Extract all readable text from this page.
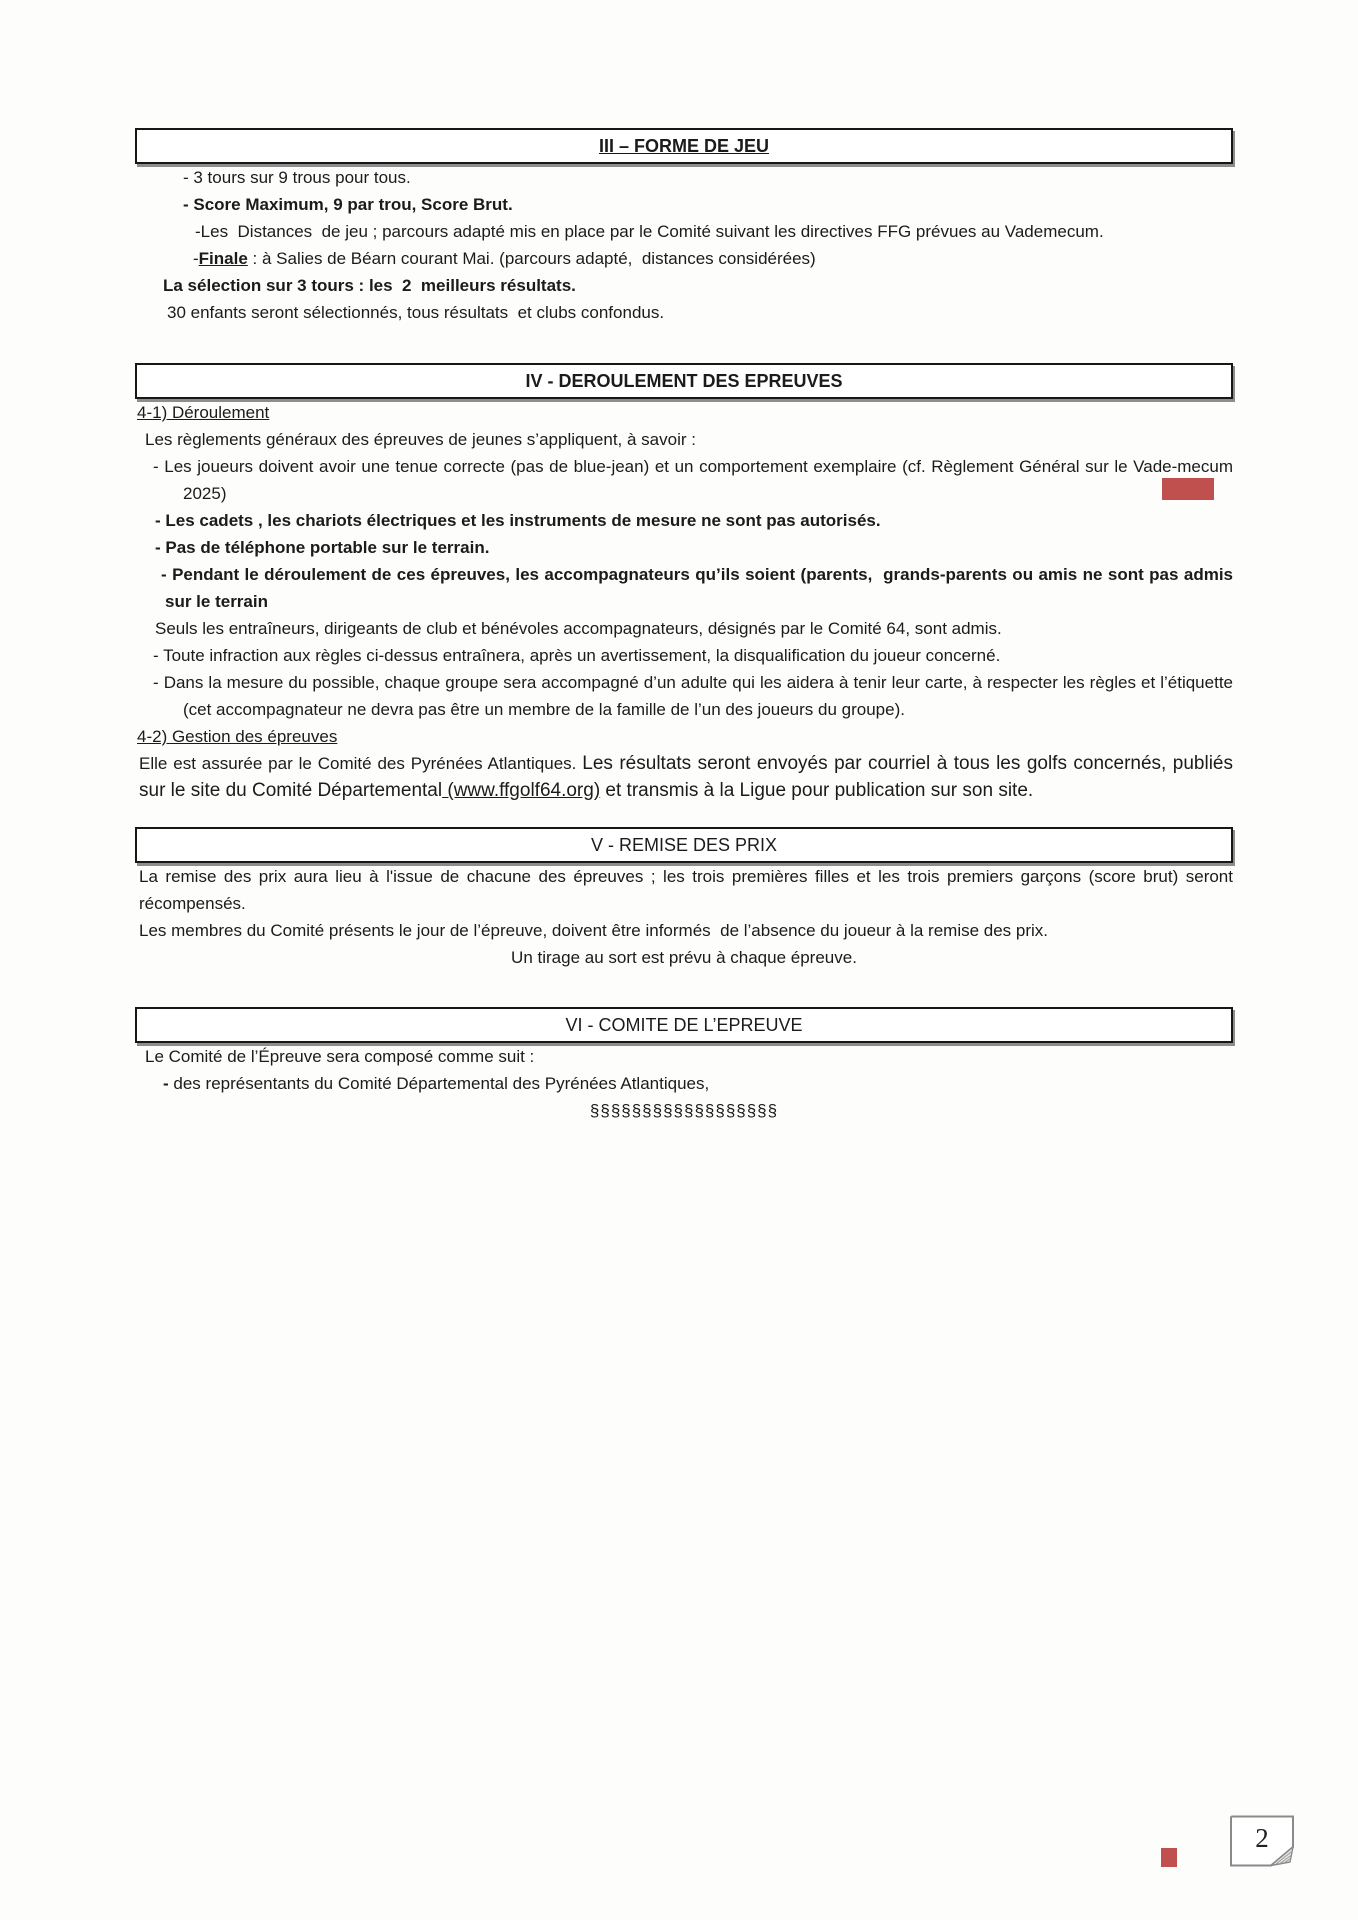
III – FORME DE JEU

- 3 tours sur 9 trous pour tous.

- Score Maximum, 9 par trou, Score Brut.

-Les  Distances  de jeu ; parcours adapté mis en place par le Comité suivant les directives FFG prévues au Vademecum.

-Finale : à Salies de Béarn courant Mai. (parcours adapté,  distances considérées)

La sélection sur 3 tours : les  2  meilleurs résultats.

30 enfants seront sélectionnés, tous résultats  et clubs confondus.

IV - DEROULEMENT DES EPREUVES

4-1) Déroulement

Les règlements généraux des épreuves de jeunes s’appliquent, à savoir :

- Les joueurs doivent avoir une tenue correcte (pas de blue-jean) et un comportement exemplaire (cf. Règlement Général sur le Vade-mecum 2025)

- Les cadets , les chariots électriques et les instruments de mesure ne sont pas autorisés.

- Pas de téléphone portable sur le terrain.

- Pendant le déroulement de ces épreuves, les accompagnateurs qu’ils soient (parents,  grands-parents ou amis ne sont pas admis sur le terrain

Seuls les entraîneurs, dirigeants de club et bénévoles accompagnateurs, désignés par le Comité 64, sont admis.

- Toute infraction aux règles ci-dessus entraînera, après un avertissement, la disqualification du joueur concerné.

- Dans la mesure du possible, chaque groupe sera accompagné d’un adulte qui les aidera à tenir leur carte, à respecter les règles et l’étiquette (cet accompagnateur ne devra pas être un membre de la famille de l’un des joueurs du groupe).

4-2) Gestion des épreuves

Elle est assurée par le Comité des Pyrénées Atlantiques. Les résultats seront envoyés par courriel à tous les golfs concernés, publiés sur le site du Comité Départemental (www.ffgolf64.org) et transmis à la Ligue pour publication sur son site.

V - REMISE DES PRIX

La remise des prix aura lieu à l'issue de chacune des épreuves ; les trois premières filles et les trois premiers garçons (score brut) seront récompensés.

Les membres du Comité présents le jour de l’épreuve, doivent être informés  de l’absence du joueur à la remise des prix.

Un tirage au sort est prévu à chaque épreuve.

VI - COMITE DE L’EPREUVE

Le Comité de l’Épreuve sera composé comme suit :

- des représentants du Comité Départemental des Pyrénées Atlantiques,

§§§§§§§§§§§§§§§§§§

2
